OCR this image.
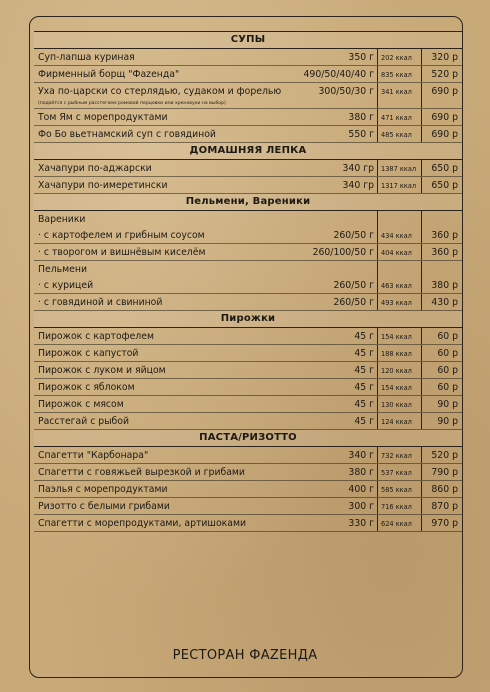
СУПЫ
Суп-лапша куриная	350 г	202 ккал	320 р
Фирменный борщ "Фаzенда"	490/50/40/40 г	835 ккал	520 р
Уха по-царски со стерлядью, судаком и форелью	300/50/30 г	341 ккал	690 р
(подаётся с рыбным расстегаем ромовой перцовки или хреновухи на выбор)
Том Ям с морепродуктами	380 г	471 ккал	690 р
Фо Бо вьетнамский суп с говядиной	550 г	485 ккал	690 р
ДОМАШНЯЯ ЛЕПКА
Хачапури по-аджарски	340 гр	1387 ккал	650 р
Хачапури по-имеретински	340 гр	1317 ккал	650 р
Пельмени, Вареники
Вареники
· с картофелем и грибным соусом	260/50 г	434 ккал	360 р
· с творогом и вишнёвым киселём	260/100/50 г	404 ккал	360 р
Пельмени
· с курицей	260/50 г	463 ккал	380 р
· с говядиной и свининой	260/50 г	493 ккал	430 р
Пирожки
Пирожок с картофелем	45 г	154 ккал	60 р
Пирожок с капустой	45 г	188 ккал	60 р
Пирожок с луком и яйцом	45 г	120 ккал	60 р
Пирожок с яблоком	45 г	154 ккал	60 р
Пирожок с мясом	45 г	130 ккал	90 р
Расстегай с рыбой	45 г	124 ккал	90 р
ПАСТА/РИЗОТТО
Спагетти "Карбонара"	340 г	732 ккал	520 р
Спагетти с говяжьей вырезкой и грибами	380 г	537 ккал	790 р
Паэлья с морепродуктами	400 г	585 ккал	860 р
Ризотто с белыми грибами	300 г	716 ккал	870 р
Спагетти с морепродуктами, артишоками	330 г	624 ккал	970 р
РЕСТОРАН ФАZЕНДА
